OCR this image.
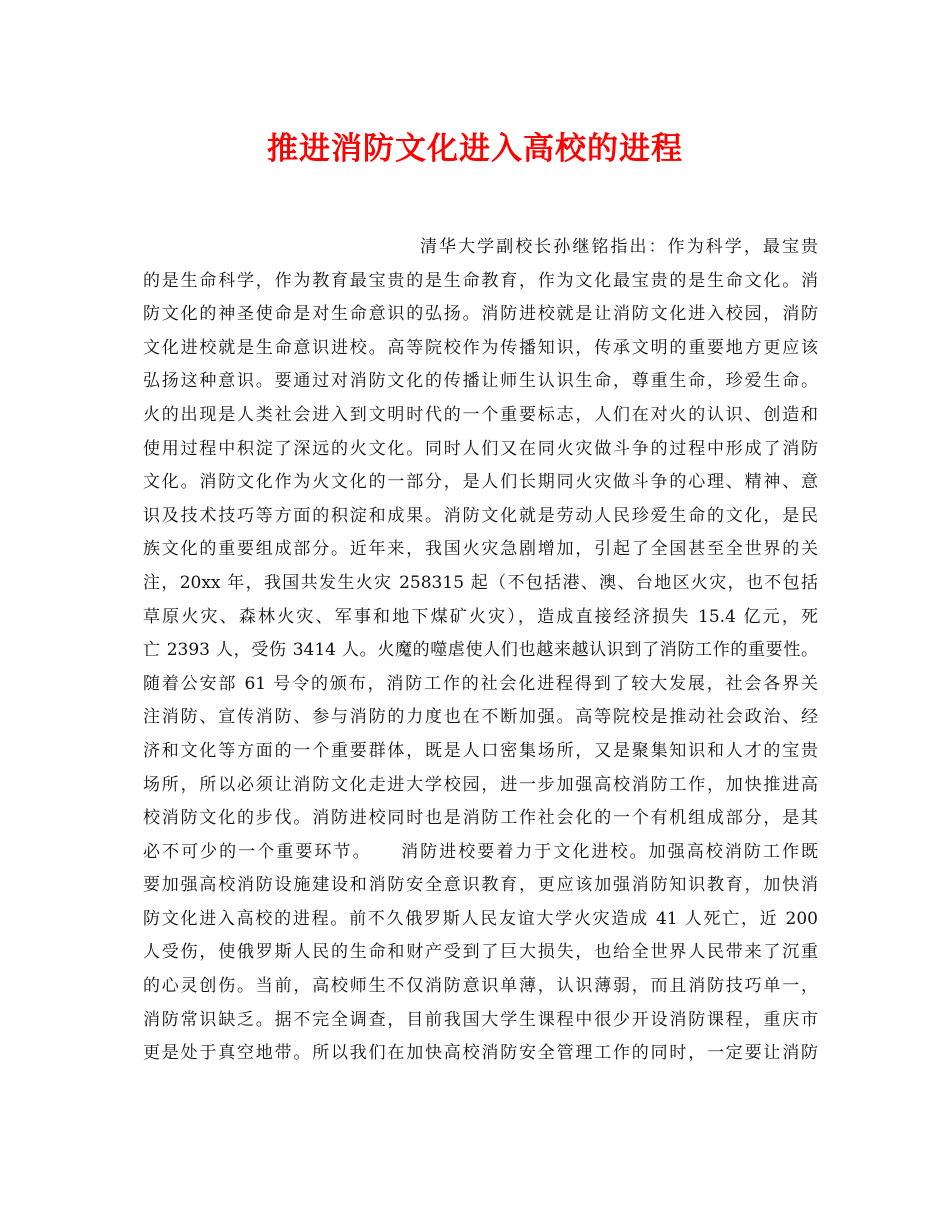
推进消防文化进入高校的进程
清华大学副校长孙继铭指出：作为科学，最宝贵
的是生命科学，作为教育最宝贵的是生命教育，作为文化最宝贵的是生命文化。消
防文化的神圣使命是对生命意识的弘扬。消防进校就是让消防文化进入校园，消防
文化进校就是生命意识进校。高等院校作为传播知识，传承文明的重要地方更应该
弘扬这种意识。要通过对消防文化的传播让师生认识生命，尊重生命，珍爱生命。
火的出现是人类社会进入到文明时代的一个重要标志，人们在对火的认识、创造和
使用过程中积淀了深远的火文化。同时人们又在同火灾做斗争的过程中形成了消防
文化。消防文化作为火文化的一部分，是人们长期同火灾做斗争的心理、精神、意
识及技术技巧等方面的积淀和成果。消防文化就是劳动人民珍爱生命的文化，是民
族文化的重要组成部分。近年来，我国火灾急剧增加，引起了全国甚至全世界的关
注，20xx 年，我国共发生火灾 258315 起（不包括港、澳、台地区火灾，也不包括
草原火灾、森林火灾、军事和地下煤矿火灾），造成直接经济损失 15.4 亿元，死
亡 2393 人，受伤 3414 人。火魔的噬虐使人们也越来越认识到了消防工作的重要性。
随着公安部 61 号令的颁布，消防工作的社会化进程得到了较大发展，社会各界关
注消防、宣传消防、参与消防的力度也在不断加强。高等院校是推动社会政治、经
济和文化等方面的一个重要群体，既是人口密集场所，又是聚集知识和人才的宝贵
场所，所以必须让消防文化走进大学校园，进一步加强高校消防工作，加快推进高
校消防文化的步伐。消防进校同时也是消防工作社会化的一个有机组成部分，是其
必不可少的一个重要环节。　　消防进校要着力于文化进校。加强高校消防工作既
要加强高校消防设施建设和消防安全意识教育，更应该加强消防知识教育，加快消
防文化进入高校的进程。前不久俄罗斯人民友谊大学火灾造成 41 人死亡，近 200
人受伤，使俄罗斯人民的生命和财产受到了巨大损失，也给全世界人民带来了沉重
的心灵创伤。当前，高校师生不仅消防意识单薄，认识薄弱，而且消防技巧单一，
消防常识缺乏。据不完全调查，目前我国大学生课程中很少开设消防课程，重庆市
更是处于真空地带。所以我们在加快高校消防安全管理工作的同时，一定要让消防
